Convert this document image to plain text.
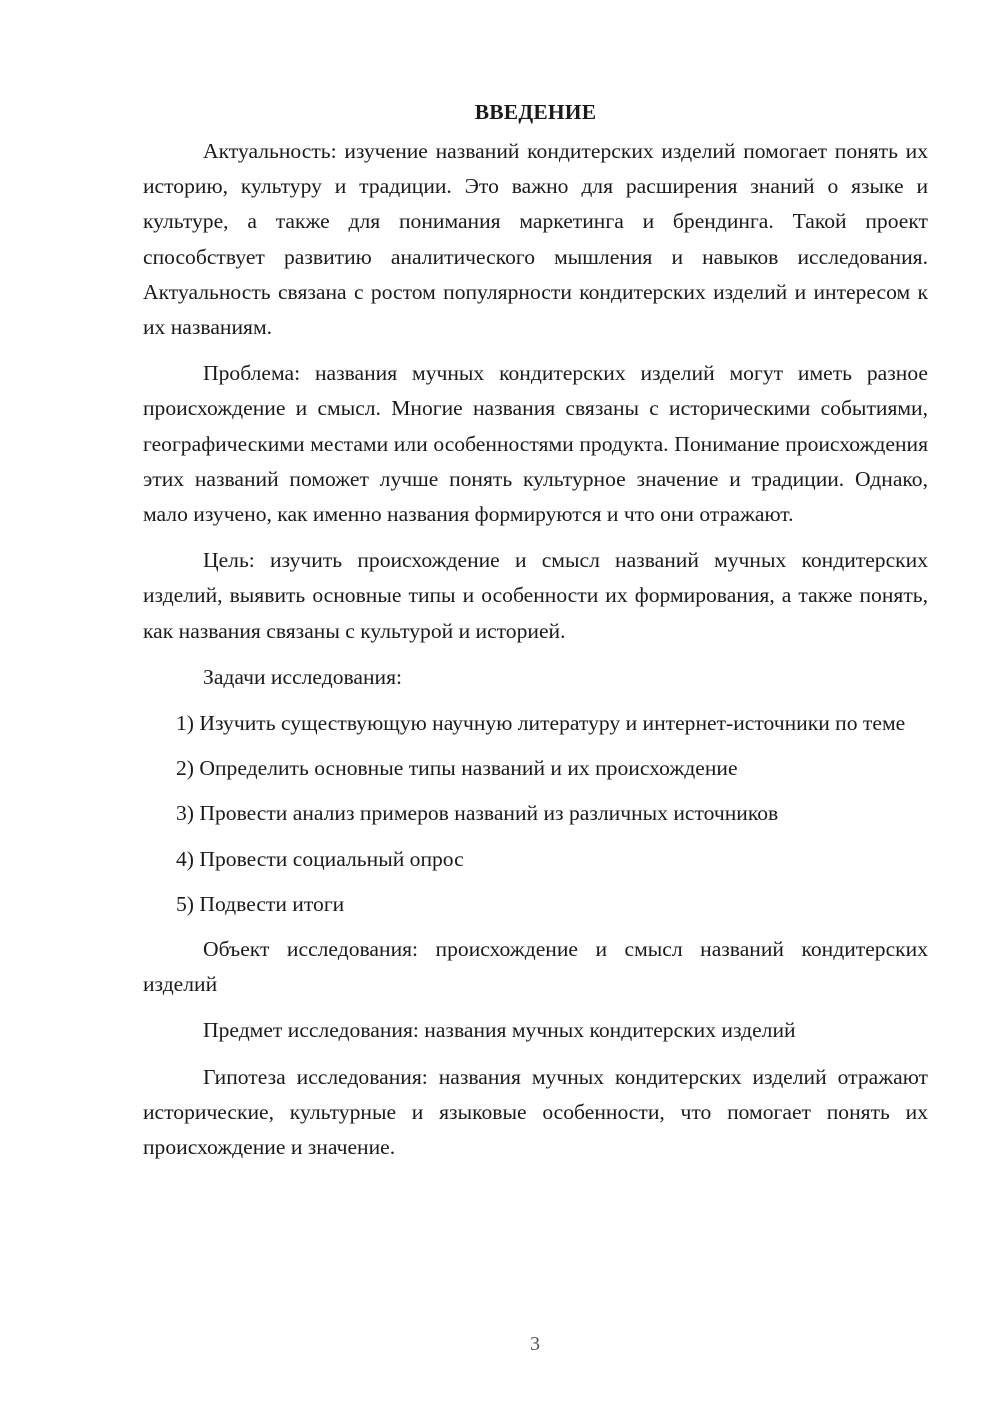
ВВЕДЕНИЕ

Актуальность: изучение названий кондитерских изделий помогает понять их историю, культуру и традиции. Это важно для расширения знаний о языке и культуре, а также для понимания маркетинга и брендинга. Такой проект способствует развитию аналитического мышления и навыков исследования. Актуальность связана с ростом популярности кондитерских изделий и интересом к их названиям.

Проблема: названия мучных кондитерских изделий могут иметь разное происхождение и смысл. Многие названия связаны с историческими событиями, географическими местами или особенностями продукта. Понимание происхождения этих названий поможет лучше понять культурное значение и традиции. Однако, мало изучено, как именно названия формируются и что они отражают.

Цель: изучить происхождение и смысл названий мучных кондитерских изделий, выявить основные типы и особенности их формирования, а также понять, как названия связаны с культурой и историей.

Задачи исследования:

1) Изучить существующую научную литературу и интернет-источники по теме

2) Определить основные типы названий и их происхождение

3) Провести анализ примеров названий из различных источников

4) Провести социальный опрос

5) Подвести итоги

Объект исследования: происхождение и смысл названий кондитерских изделий

Предмет исследования: названия мучных кондитерских изделий

Гипотеза исследования: названия мучных кондитерских изделий отражают исторические, культурные и языковые особенности, что помогает понять их происхождение и значение.

3
